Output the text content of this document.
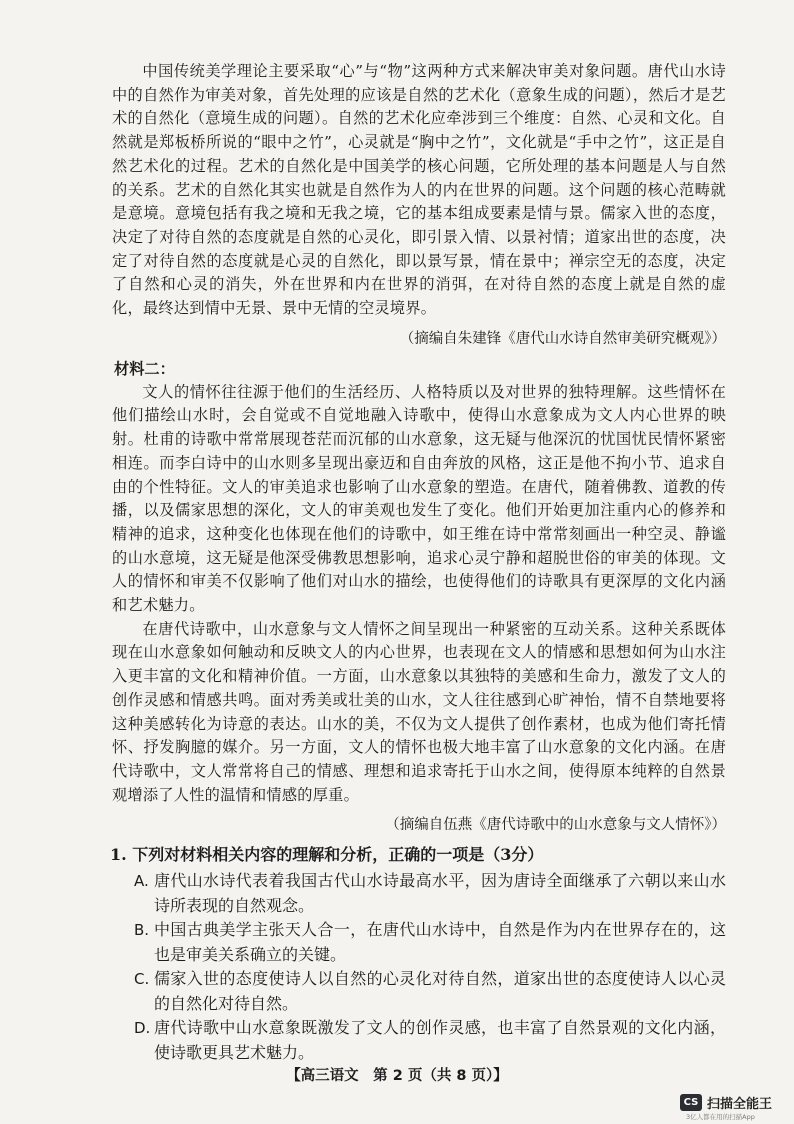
中国传统美学理论主要采取“心”与“物”这两种方式来解决审美对象问题。唐代山水诗中的自然作为审美对象，首先处理的应该是自然的艺术化（意象生成的问题），然后才是艺术的自然化（意境生成的问题）。自然的艺术化应牵涉到三个维度：自然、心灵和文化。自然就是郑板桥所说的“眼中之竹”，心灵就是“胸中之竹”，文化就是“手中之竹”，这正是自然艺术化的过程。艺术的自然化是中国美学的核心问题，它所处理的基本问题是人与自然的关系。艺术的自然化其实也就是自然作为人的内在世界的问题。这个问题的核心范畴就是意境。意境包括有我之境和无我之境，它的基本组成要素是情与景。儒家入世的态度，决定了对待自然的态度就是自然的心灵化，即引景入情、以景衬情；道家出世的态度，决定了对待自然的态度就是心灵的自然化，即以景写景，情在景中；禅宗空无的态度，决定了自然和心灵的消失，外在世界和内在世界的消弭，在对待自然的态度上就是自然的虚化，最终达到情中无景、景中无情的空灵境界。

（摘编自朱建锋《唐代山水诗自然审美研究概观》）
材料二：

文人的情怀往往源于他们的生活经历、人格特质以及对世界的独特理解。这些情怀在他们描绘山水时，会自觉或不自觉地融入诗歌中，使得山水意象成为文人内心世界的映射。杜甫的诗歌中常常展现苍茫而沉郁的山水意象，这无疑与他深沉的忧国忧民情怀紧密相连。而李白诗中的山水则多呈现出豪迈和自由奔放的风格，这正是他不拘小节、追求自由的个性特征。文人的审美追求也影响了山水意象的塑造。在唐代，随着佛教、道教的传播，以及儒家思想的深化，文人的审美观也发生了变化。他们开始更加注重内心的修养和精神的追求，这种变化也体现在他们的诗歌中，如王维在诗中常常刻画出一种空灵、静谧的山水意境，这无疑是他深受佛教思想影响，追求心灵宁静和超脱世俗的审美的体现。文人的情怀和审美不仅影响了他们对山水的描绘，也使得他们的诗歌具有更深厚的文化内涵和艺术魅力。

在唐代诗歌中，山水意象与文人情怀之间呈现出一种紧密的互动关系。这种关系既体现在山水意象如何触动和反映文人的内心世界，也表现在文人的情感和思想如何为山水注入更丰富的文化和精神价值。一方面，山水意象以其独特的美感和生命力，激发了文人的创作灵感和情感共鸣。面对秀美或壮美的山水，文人往往感到心旷神怡，情不自禁地要将这种美感转化为诗意的表达。山水的美，不仅为文人提供了创作素材，也成为他们寄托情怀、抒发胸臆的媒介。另一方面，文人的情怀也极大地丰富了山水意象的文化内涵。在唐代诗歌中，文人常常将自己的情感、理想和追求寄托于山水之间，使得原本纯粹的自然景观增添了人性的温情和情感的厚重。

（摘编自伍燕《唐代诗歌中的山水意象与文人情怀》）
1. 下列对材料相关内容的理解和分析，正确的一项是（3分）
A. 唐代山水诗代表着我国古代山水诗最高水平，因为唐诗全面继承了六朝以来山水诗所表现的自然观念。
B. 中国古典美学主张天人合一，在唐代山水诗中，自然是作为内在世界存在的，这也是审美关系确立的关键。
C. 儒家入世的态度使诗人以自然的心灵化对待自然，道家出世的态度使诗人以心灵的自然化对待自然。
D. 唐代诗歌中山水意象既激发了文人的创作灵感，也丰富了自然景观的文化内涵，使诗歌更具艺术魅力。
【高三语文　第 2 页（共 8 页）】
CS 扫描全能王
3亿人都在用的扫描App
